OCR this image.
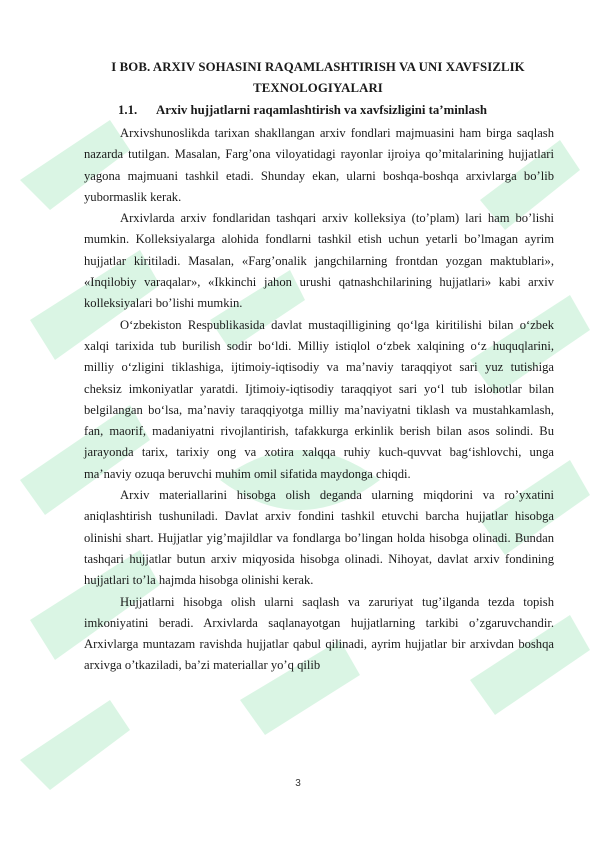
I BOB. ARXIV SOHASINI RAQAMLASHTIRISH VA UNI XAVFSIZLIK TEXNOLOGIYALARI
1.1. Arxiv hujjatlarni raqamlashtirish va xavfsizligini ta’minlash

Arxivshunoslikda tarixan shakllangan arxiv fondlari majmuasini ham birga saqlash nazarda tutilgan. Masalan, Farg’ona viloyatidagi rayonlar ijroiya qo’mitalarining hujjatlari yagona majmuani tashkil etadi. Shunday ekan, ularni boshqa-boshqa arxivlarga bo’lib yubormaslik kerak.

Arxivlarda arxiv fondlaridan tashqari arxiv kolleksiya (to’plam) lari ham bo’lishi mumkin. Kolleksiyalarga alohida fondlarni tashkil etish uchun yetarli bo’lmagan ayrim hujjatlar kiritiladi. Masalan, «Farg’onalik jangchilarning frontdan yozgan maktublari», «Inqilobiy varaqalar», «Ikkinchi jahon urushi qatnashchilarining hujjatlari» kabi arxiv kolleksiyalari bo’lishi mumkin.

O‘zbekiston Respublikasida davlat mustaqilligining qo‘lga kiritilishi bilan o‘zbek xalqi tarixida tub burilish sodir bo‘ldi. Milliy istiqlol o‘zbek xalqining o‘z huquqlarini, milliy o‘zligini tiklashiga, ijtimoiy-iqtisodiy va ma’naviy taraqqiyot sari yuz tutishiga cheksiz imkoniyatlar yaratdi. Ijtimoiy-iqtisodiy taraqqiyot sari yo‘l tub islohotlar bilan belgilangan bo‘lsa, ma’naviy taraqqiyotga milliy ma’naviyatni tiklash va mustahkamlash, fan, maorif, madaniyatni rivojlantirish, tafakkurga erkinlik berish bilan asos solindi. Bu jarayonda tarix, tarixiy ong va xotira xalqqa ruhiy kuch-quvvat bag‘ishlovchi, unga ma’naviy ozuqa beruvchi muhim omil sifatida maydonga chiqdi.

Arxiv materiallarini hisobga olish deganda ularning miqdorini va ro’yxatini aniqlashtirish tushuniladi. Davlat arxiv fondini tashkil etuvchi barcha hujjatlar hisobga olinishi shart. Hujjatlar yig’majildlar va fondlarga bo’lingan holda hisobga olinadi. Bundan tashqari hujjatlar butun arxiv miqyosida hisobga olinadi. Nihoyat, davlat arxiv fondining hujjatlari to’la hajmda hisobga olinishi kerak.

Hujjatlarni hisobga olish ularni saqlash va zaruriyat tug’ilganda tezda topish imkoniyatini beradi. Arxivlarda saqlanayotgan hujjatlarning tarkibi o’zgaruvchandir. Arxivlarga muntazam ravishda hujjatlar qabul qilinadi, ayrim hujjatlar bir arxivdan boshqa arxivga o’tkaziladi, ba’zi materiallar yo’q qilib

3
